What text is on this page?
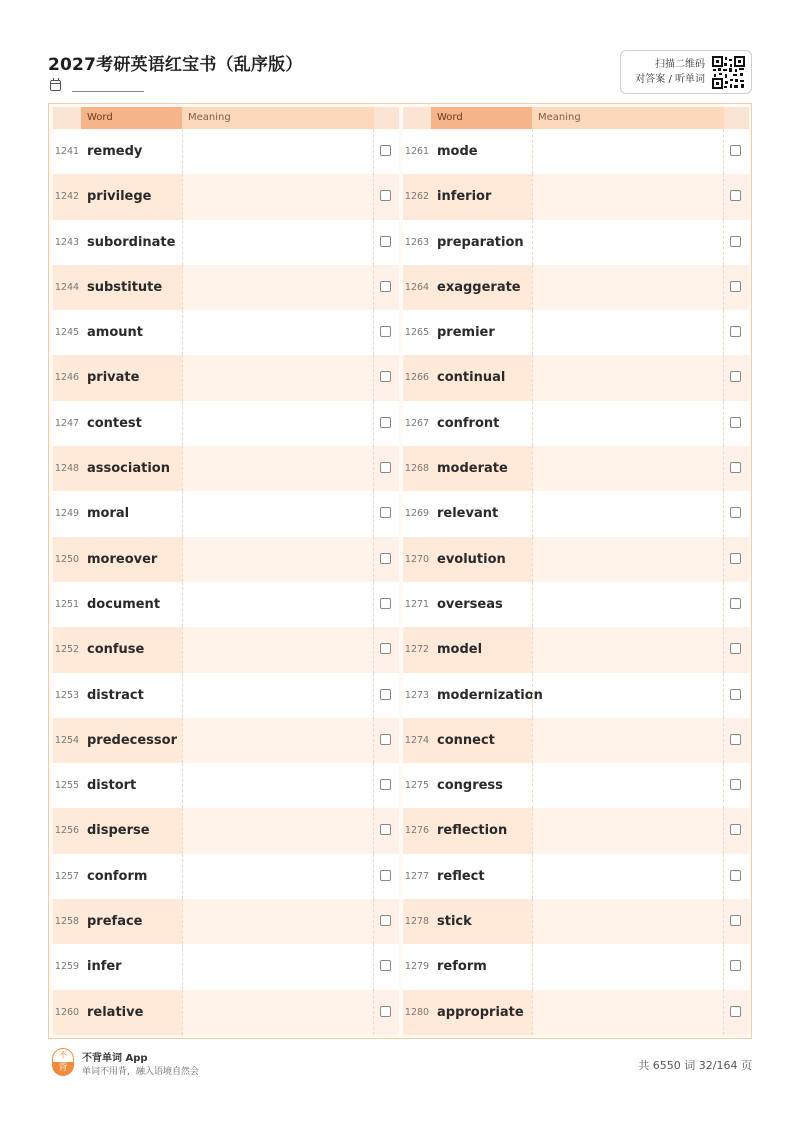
2027考研英语红宝书（乱序版）	扫描二维码
对答案 / 听单词
Word	Meaning
1241 remedy
1242 privilege
1243 subordinate
1244 substitute
1245 amount
1246 private
1247 contest
1248 association
1249 moral
1250 moreover
1251 document
1252 confuse
1253 distract
1254 predecessor
1255 distort
1256 disperse
1257 conform
1258 preface
1259 infer
1260 relative
Word	Meaning
1261 mode
1262 inferior
1263 preparation
1264 exaggerate
1265 premier
1266 continual
1267 confront
1268 moderate
1269 relevant
1270 evolution
1271 overseas
1272 model
1273 modernization
1274 connect
1275 congress
1276 reflection
1277 reflect
1278 stick
1279 reform
1280 appropriate
不
背
不背单词 App
单词不用背，融入语境自然会	共 6550 词 32/164 页
